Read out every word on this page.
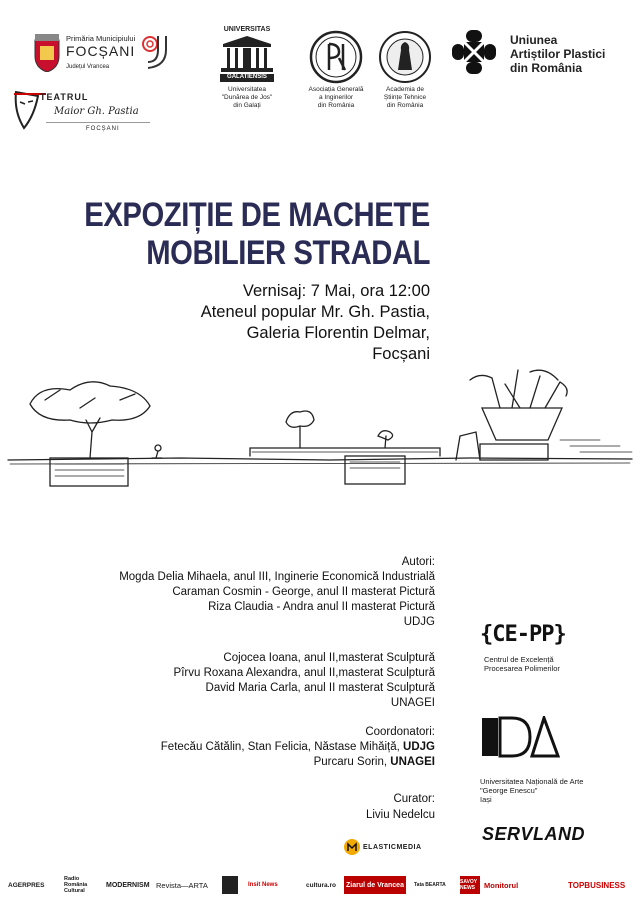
Primăria Municipiului
FOCȘANI
Județul Vrancea
TEATRUL
Maior Gh. Pastia
FOCȘANI
UNIVERSITAS
GALATIENSIS
Universitatea
"Dunărea de Jos"
din Galați
Asociația Generală
a Inginerilor
din România
Academia de
Științe Tehnice
din România
Uniunea
Artiștilor Plastici
din România
EXPOZIȚIE DE MACHETE
MOBILIER STRADAL
Vernisaj: 7 Mai, ora 12:00
Ateneul popular Mr. Gh. Pastia,
Galeria Florentin Delmar,
Focșani
Autori:
Mogda Delia Mihaela, anul III, Inginerie Economică Industrială
Caraman Cosmin - George, anul II masterat Pictură
Riza Claudia - Andra anul II masterat Pictură
UDJG
Cojocea Ioana, anul II,masterat Sculptură
Pîrvu Roxana Alexandra, anul II,masterat Sculptură
David Maria Carla, anul II masterat Sculptură
UNAGEI
Coordonatori:
Fetecău Cătălin, Stan Felicia, Năstase Mihăiță, UDJG
Purcaru Sorin, UNAGEI
Curator:
Liviu Nedelcu
ELASTICMEDIA
{CE-PP}
Centrul de Excelență
Procesarea Polimerilor
Universitatea Națională de Arte
"George Enescu"
Iași
SERVLAND
AGERPRES
Radio România Cultural
MODERNISM Revista—ARTA	Insit News	cultura.ro Ziarul de Vrancea	Tata BEARTA	SAVOY NEWS	Monitorul	TOPBUSINESS
